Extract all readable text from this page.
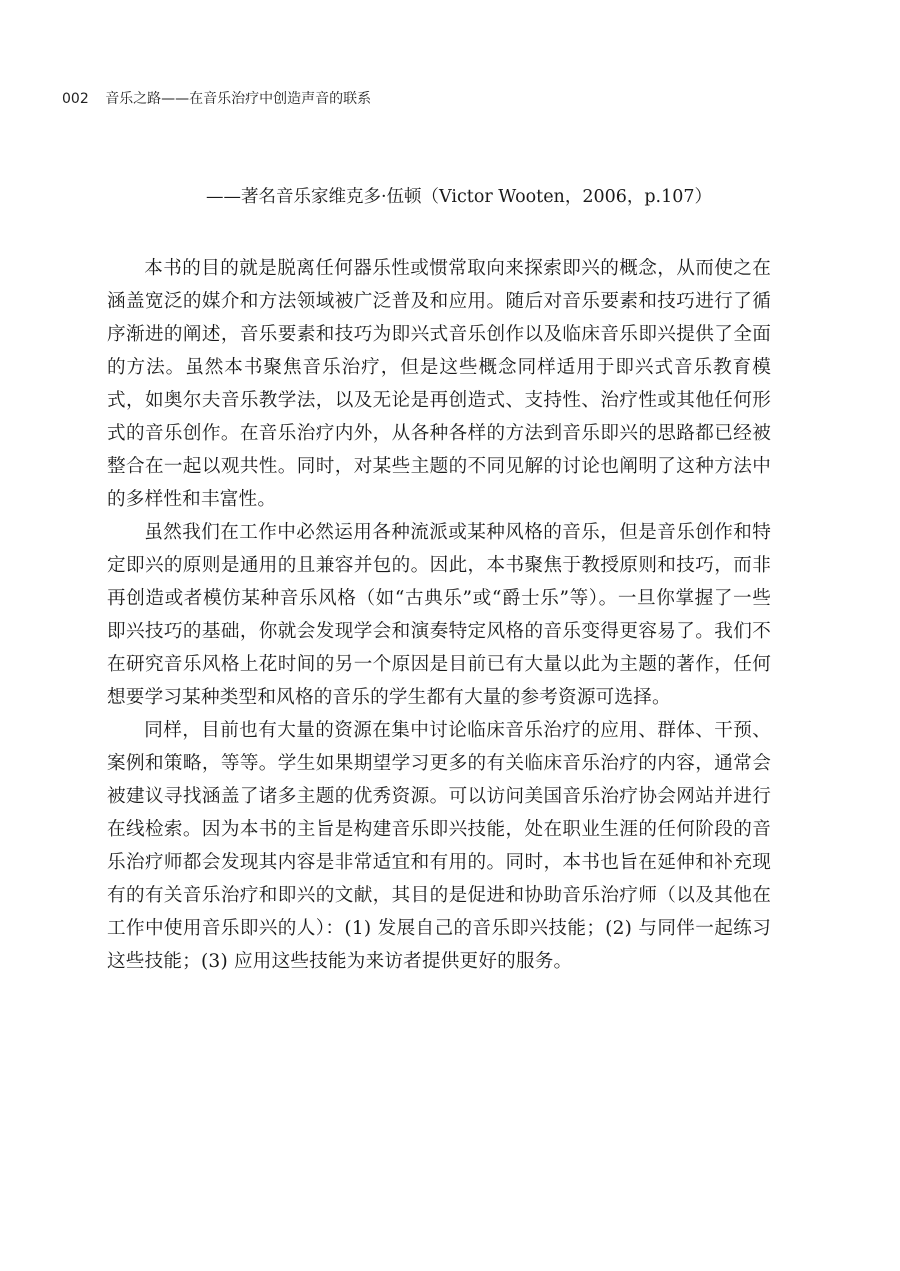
002 音乐之路——在音乐治疗中创造声音的联系
——著名音乐家维克多·伍顿（Victor Wooten，2006，p.107）

本书的目的就是脱离任何器乐性或惯常取向来探索即兴的概念，从而使之在涵盖宽泛的媒介和方法领域被广泛普及和应用。随后对音乐要素和技巧进行了循序渐进的阐述，音乐要素和技巧为即兴式音乐创作以及临床音乐即兴提供了全面的方法。虽然本书聚焦音乐治疗，但是这些概念同样适用于即兴式音乐教育模式，如奥尔夫音乐教学法，以及无论是再创造式、支持性、治疗性或其他任何形式的音乐创作。在音乐治疗内外，从各种各样的方法到音乐即兴的思路都已经被整合在一起以观共性。同时，对某些主题的不同见解的讨论也阐明了这种方法中的多样性和丰富性。

虽然我们在工作中必然运用各种流派或某种风格的音乐，但是音乐创作和特定即兴的原则是通用的且兼容并包的。因此，本书聚焦于教授原则和技巧，而非再创造或者模仿某种音乐风格（如“古典乐”或“爵士乐”等）。一旦你掌握了一些即兴技巧的基础，你就会发现学会和演奏特定风格的音乐变得更容易了。我们不在研究音乐风格上花时间的另一个原因是目前已有大量以此为主题的著作，任何想要学习某种类型和风格的音乐的学生都有大量的参考资源可选择。

同样，目前也有大量的资源在集中讨论临床音乐治疗的应用、群体、干预、案例和策略，等等。学生如果期望学习更多的有关临床音乐治疗的内容，通常会被建议寻找涵盖了诸多主题的优秀资源。可以访问美国音乐治疗协会网站并进行在线检索。因为本书的主旨是构建音乐即兴技能，处在职业生涯的任何阶段的音乐治疗师都会发现其内容是非常适宜和有用的。同时，本书也旨在延伸和补充现有的有关音乐治疗和即兴的文献，其目的是促进和协助音乐治疗师（以及其他在工作中使用音乐即兴的人）：(1) 发展自己的音乐即兴技能；(2) 与同伴一起练习这些技能；(3) 应用这些技能为来访者提供更好的服务。
